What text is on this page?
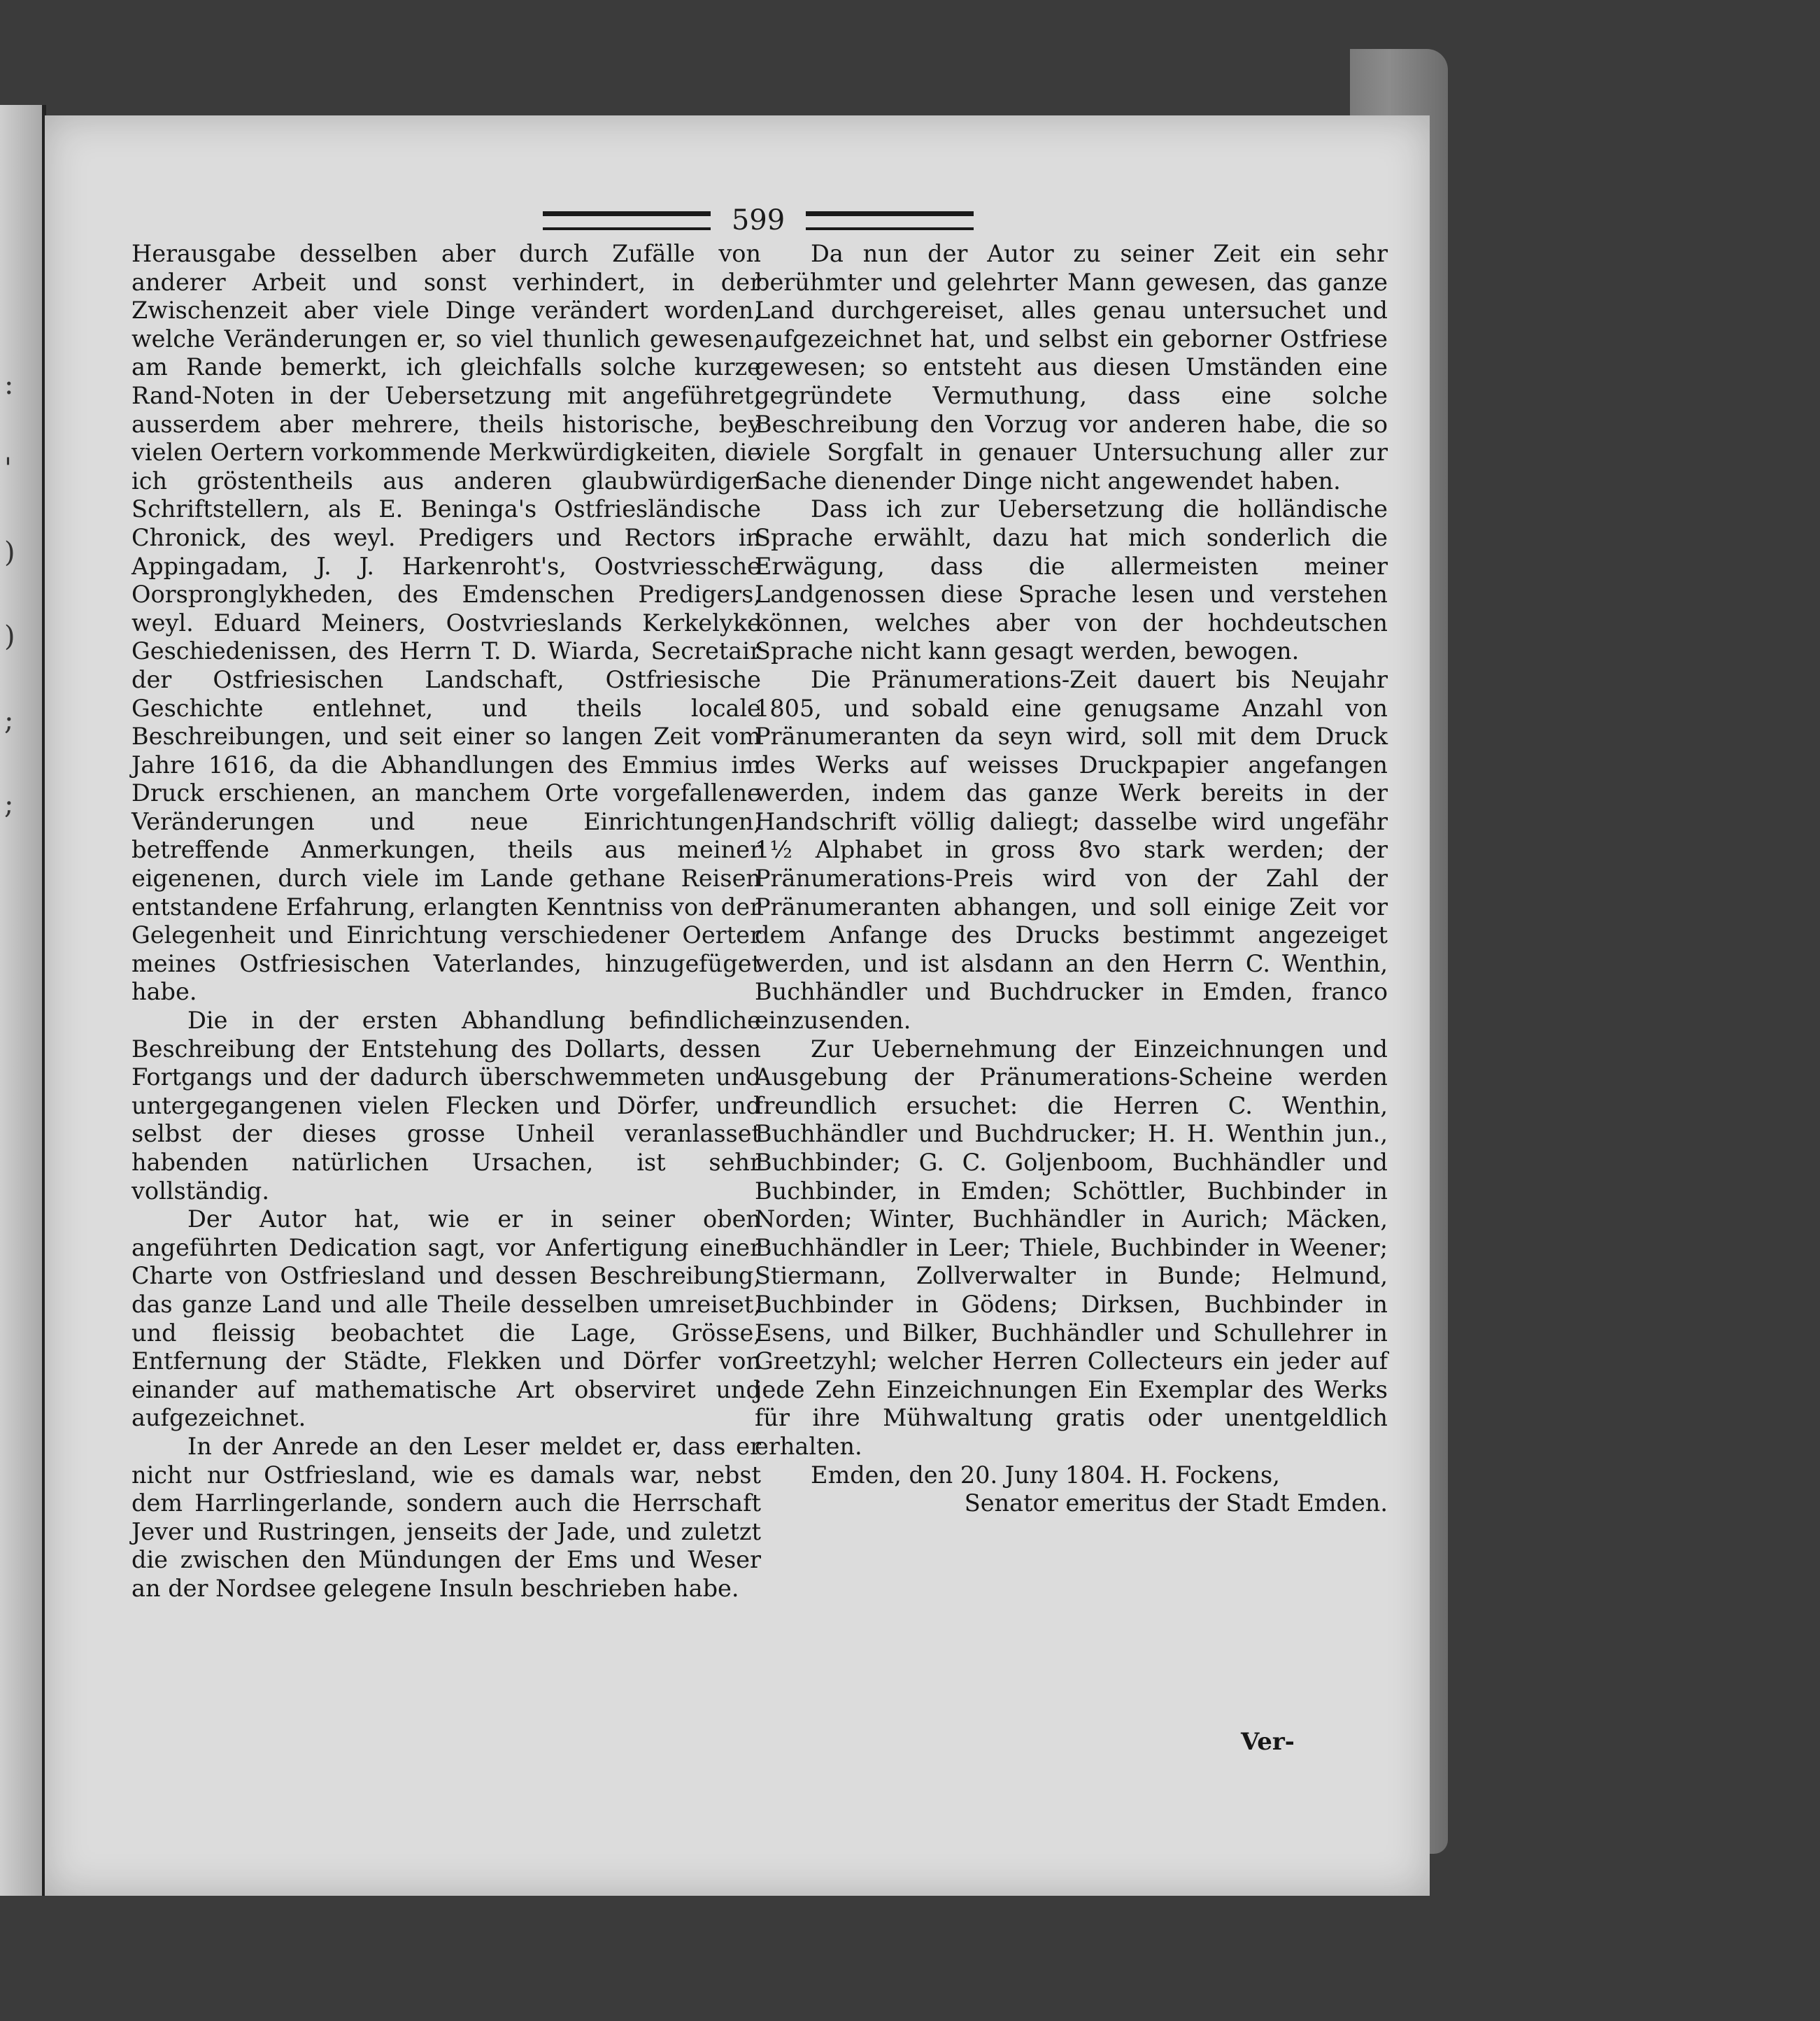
:
'
)
)
;
;
599

Herausgabe desselben aber durch Zufälle von anderer Arbeit und sonst verhindert, in der Zwischenzeit aber viele Dinge verändert worden, welche Veränderungen er, so viel thunlich gewesen, am Rande bemerkt, ich gleichfalls solche kurze Rand-Noten in der Uebersetzung mit angeführet, ausserdem aber mehrere, theils historische, bey vielen Oertern vorkommende Merkwürdigkeiten, die ich gröstentheils aus anderen glaubwürdigen Schriftstellern, als E. Beninga's Ostfriesländische Chronick, des weyl. Predigers und Rectors in Appingadam, J. J. Harkenroht's, Oostvriessche Oorspronglykheden, des Emdenschen Predigers, weyl. Eduard Meiners, Oostvrieslands Kerkelyke Geschiedenissen, des Herrn T. D. Wiarda, Secretair der Ostfriesischen Landschaft, Ostfriesische Geschichte entlehnet, und theils locale Beschreibungen, und seit einer so langen Zeit vom Jahre 1616, da die Abhandlungen des Emmius im Druck erschienen, an manchem Orte vorgefallene Veränderungen und neue Einrichtungen, betreffende Anmerkungen, theils aus meiner eigenenen, durch viele im Lande gethane Reisen entstandene Erfahrung, erlangten Kenntniss von der Gelegenheit und Einrichtung verschiedener Oerter meines Ostfriesischen Vaterlandes, hinzugefüget habe.

Die in der ersten Abhandlung befindliche Beschreibung der Entstehung des Dollarts, dessen Fortgangs und der dadurch überschwemmeten und untergegangenen vielen Flecken und Dörfer, und selbst der dieses grosse Unheil veranlasset habenden natürlichen Ursachen, ist sehr vollständig.

Der Autor hat, wie er in seiner oben angeführten Dedication sagt, vor Anfertigung einer Charte von Ostfriesland und dessen Beschreibung, das ganze Land und alle Theile desselben umreiset, und fleissig beobachtet die Lage, Grösse, Entfernung der Städte, Flekken und Dörfer von einander auf mathematische Art observiret und aufgezeichnet.

In der Anrede an den Leser meldet er, dass er nicht nur Ostfriesland, wie es damals war, nebst dem Harrlingerlande, sondern auch die Herrschaft Jever und Rustringen, jenseits der Jade, und zuletzt die zwischen den Mündungen der Ems und Weser an der Nordsee gelegene Insuln beschrieben habe.

Da nun der Autor zu seiner Zeit ein sehr berühmter und gelehrter Mann gewesen, das ganze Land durchgereiset, alles genau untersuchet und aufgezeichnet hat, und selbst ein geborner Ostfriese gewesen; so entsteht aus diesen Umständen eine gegründete Vermuthung, dass eine solche Beschreibung den Vorzug vor anderen habe, die so viele Sorgfalt in genauer Untersuchung aller zur Sache dienender Dinge nicht angewendet haben.

Dass ich zur Uebersetzung die holländische Sprache erwählt, dazu hat mich sonderlich die Erwägung, dass die allermeisten meiner Landgenossen diese Sprache lesen und verstehen können, welches aber von der hochdeutschen Sprache nicht kann gesagt werden, bewogen.

Die Pränumerations-Zeit dauert bis Neujahr 1805, und sobald eine genugsame Anzahl von Pränumeranten da seyn wird, soll mit dem Druck des Werks auf weisses Druckpapier angefangen werden, indem das ganze Werk bereits in der Handschrift völlig daliegt; dasselbe wird ungefähr 1½ Alphabet in gross 8vo stark werden; der Pränumerations-Preis wird von der Zahl der Pränumeranten abhangen, und soll einige Zeit vor dem Anfange des Drucks bestimmt angezeiget werden, und ist alsdann an den Herrn C. Wenthin, Buchhändler und Buchdrucker in Emden, franco einzusenden.

Zur Uebernehmung der Einzeichnungen und Ausgebung der Pränumerations-Scheine werden freundlich ersuchet: die Herren C. Wenthin, Buchhändler und Buchdrucker; H. H. Wenthin jun., Buchbinder; G. C. Goljenboom, Buchhändler und Buchbinder, in Emden; Schöttler, Buchbinder in Norden; Winter, Buchhändler in Aurich; Mäcken, Buchhändler in Leer; Thiele, Buchbinder in Weener; Stiermann, Zollverwalter in Bunde; Helmund, Buchbinder in Gödens; Dirksen, Buchbinder in Esens, und Bilker, Buchhändler und Schullehrer in Greetzyhl; welcher Herren Collecteurs ein jeder auf jede Zehn Einzeichnungen Ein Exemplar des Werks für ihre Mühwaltung gratis oder unentgeldlich erhalten.

Emden, den 20. Juny 1804. H. Fockens,

Senator emeritus der Stadt Emden.

Ver-
